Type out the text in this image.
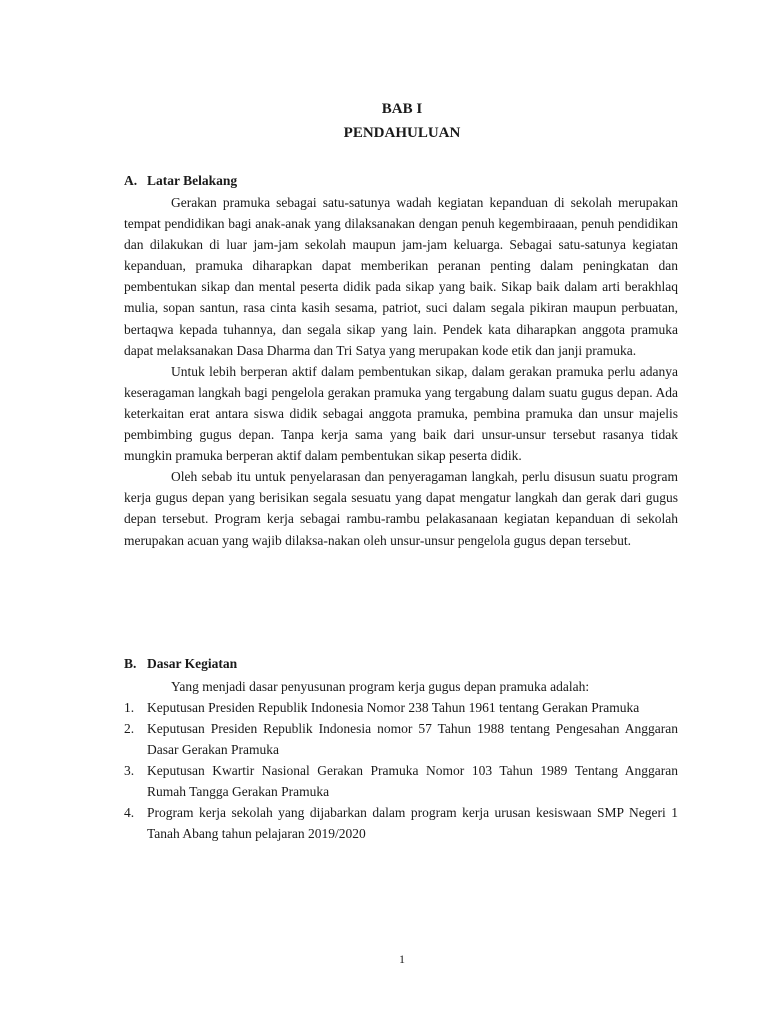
BAB I
PENDAHULUAN
A. Latar Belakang

Gerakan pramuka sebagai satu-satunya wadah kegiatan kepanduan di sekolah merupakan tempat pendidikan bagi anak-anak yang dilaksanakan dengan penuh kegembiraaan, penuh pendidikan dan dilakukan di luar jam-jam sekolah maupun jam-jam keluarga. Sebagai satu-satunya kegiatan kepanduan, pramuka diharapkan dapat memberikan peranan penting dalam peningkatan dan pembentukan sikap dan mental peserta didik pada sikap yang baik. Sikap baik dalam arti berakhlaq mulia, sopan santun, rasa cinta kasih sesama, patriot, suci dalam segala pikiran maupun perbuatan, bertaqwa kepada tuhannya, dan segala sikap yang lain. Pendek kata diharapkan anggota pramuka dapat melaksanakan Dasa Dharma dan Tri Satya yang merupakan kode etik dan janji pramuka.

Untuk lebih berperan aktif dalam pembentukan sikap, dalam gerakan pramuka perlu adanya keseragaman langkah bagi pengelola gerakan pramuka yang tergabung dalam suatu gugus depan. Ada keterkaitan erat antara siswa didik sebagai anggota pramuka, pembina pramuka dan unsur majelis pembimbing gugus depan. Tanpa kerja sama yang baik dari unsur-unsur tersebut rasanya tidak mungkin pramuka berperan aktif dalam pembentukan sikap peserta didik.

Oleh sebab itu untuk penyelarasan dan penyeragaman langkah, perlu disusun suatu program kerja gugus depan yang berisikan segala sesuatu yang dapat mengatur langkah dan gerak dari gugus depan tersebut. Program kerja sebagai rambu-rambu pelakasanaan kegiatan kepanduan di sekolah merupakan acuan yang wajib dilaksa-nakan oleh unsur-unsur pengelola gugus depan tersebut.

B. Dasar Kegiatan
Yang menjadi dasar penyusunan program kerja gugus depan pramuka adalah:
1. Keputusan Presiden Republik Indonesia Nomor 238 Tahun 1961 tentang Gerakan Pramuka
2. Keputusan Presiden Republik Indonesia nomor 57 Tahun 1988 tentang Pengesahan Anggaran Dasar Gerakan Pramuka
3. Keputusan Kwartir Nasional Gerakan Pramuka Nomor 103 Tahun 1989 Tentang Anggaran Rumah Tangga Gerakan Pramuka
4. Program kerja sekolah yang dijabarkan dalam program kerja urusan kesiswaan SMP Negeri 1 Tanah Abang tahun pelajaran 2019/2020
1
